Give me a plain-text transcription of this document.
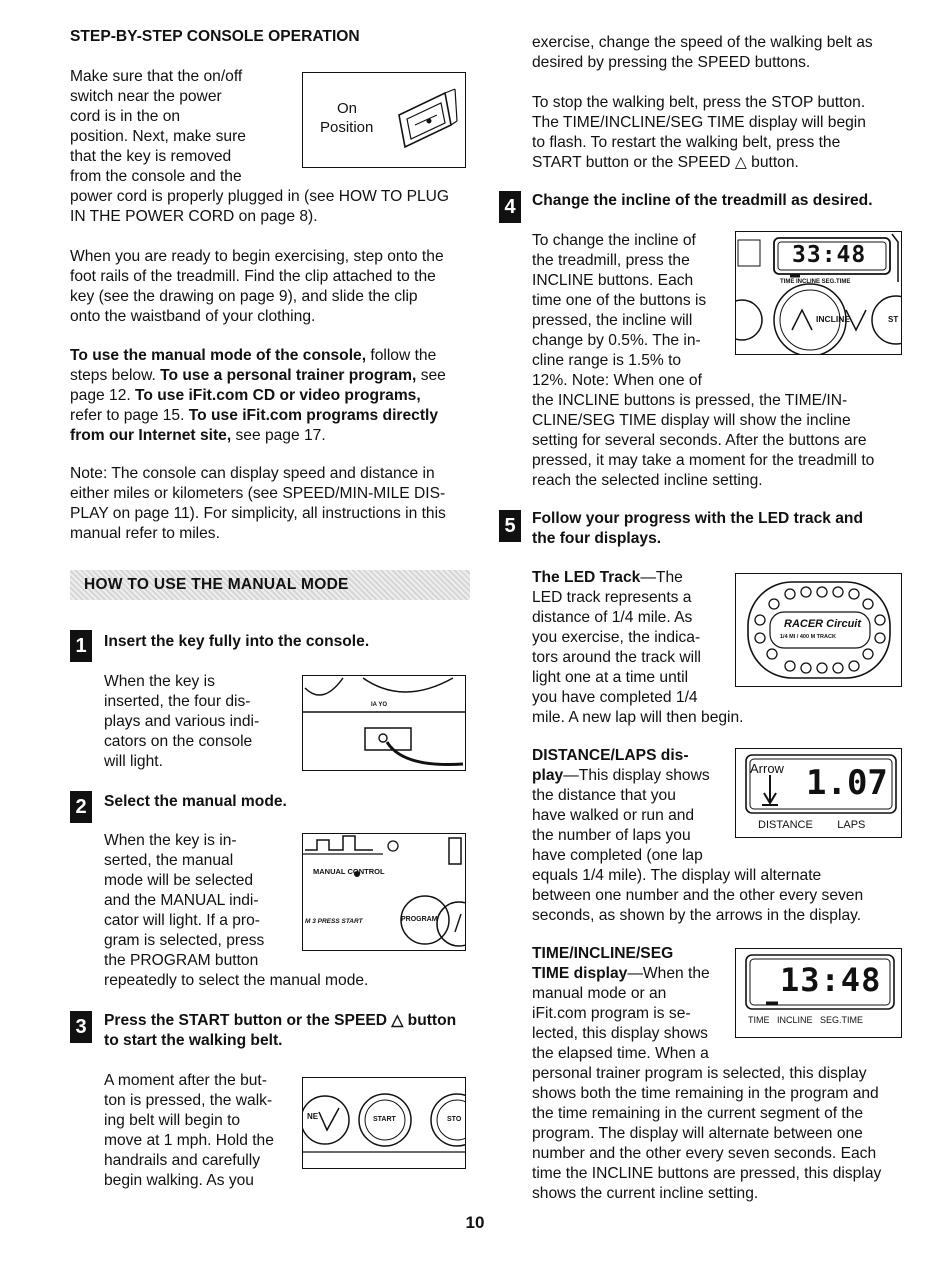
STEP-BY-STEP CONSOLE OPERATION

Make sure that the on/off

switch near the power

cord is in the on

position. Next, make sure

that the key is removed

from the console and the

power cord is properly plugged in (see HOW TO PLUG

IN THE POWER CORD on page 8).

On
Position

When you are ready to begin exercising, step onto the

foot rails of the treadmill. Find the clip attached to the

key (see the drawing on page 9), and slide the clip

onto the waistband of your clothing.

To use the manual mode of the console, follow the

steps below. To use a personal trainer program, see

page 12. To use iFit.com CD or video programs,

refer to page 15. To use iFit.com programs directly

from our Internet site, see page 17.

Note: The console can display speed and distance in

either miles or kilometers (see SPEED/MIN-MILE DIS-

PLAY on page 11). For simplicity, all instructions in this

manual refer to miles.

HOW TO USE THE MANUAL MODE
1	Insert the key fully into the console.

When the key is

inserted, the four dis-

plays and various indi-

cators on the console

will light.

IA YO
2	Select the manual mode.

When the key is in-

serted, the manual

mode will be selected

and the MANUAL indi-

cator will light. If a pro-

gram is selected, press

the PROGRAM button

repeatedly to select the manual mode.

MANUAL CONTROL
M 3 PRESS START	PROGRAM
3	Press the START button or the SPEED △ button
to start the walking belt.

A moment after the but-

ton is pressed, the walk-

ing belt will begin to

move at 1 mph. Hold the

handrails and carefully

begin walking. As you

NE	START	STO

exercise, change the speed of the walking belt as

desired by pressing the SPEED buttons.

To stop the walking belt, press the STOP button.

The TIME/INCLINE/SEG TIME display will begin

to flash. To restart the walking belt, press the

START button or the SPEED △ button.

4	Change the incline of the treadmill as desired.

To change the incline of

the treadmill, press the

INCLINE buttons. Each

time one of the buttons is

pressed, the incline will

change by 0.5%. The in-

cline range is 1.5% to

12%. Note: When one of

the INCLINE buttons is pressed, the TIME/IN-

CLINE/SEG TIME display will show the incline

setting for several seconds. After the buttons are

pressed, it may take a moment for the treadmill to

reach the selected incline setting.

33:48
TIME INCLINE SEG.TIME
INCLINE	ST
5	Follow your progress with the LED track and
the four displays.

The LED Track—The

LED track represents a

distance of 1/4 mile. As

you exercise, the indica-

tors around the track will

light one at a time until

you have completed 1/4

mile. A new lap will then begin.

RACER Circuit
1/4 MI / 400 M TRACK

DISTANCE/LAPS dis-

play—This display shows

the distance that you

have walked or run and

the number of laps you

have completed (one lap

equals 1/4 mile). The display will alternate

between one number and the other every seven

seconds, as shown by the arrows in the display.

Arrow 1.07
DISTANCE        LAPS

TIME/INCLINE/SEG

TIME display—When the

manual mode or an

iFit.com program is se-

lected, this display shows

the elapsed time. When a

personal trainer program is selected, this display

shows both the time remaining in the program and

the time remaining in the current segment of the

program. The display will alternate between one

number and the other every seven seconds. Each

time the INCLINE buttons are pressed, this display

shows the current incline setting.

13:48
TIME   INCLINE   SEG.TIME
10
